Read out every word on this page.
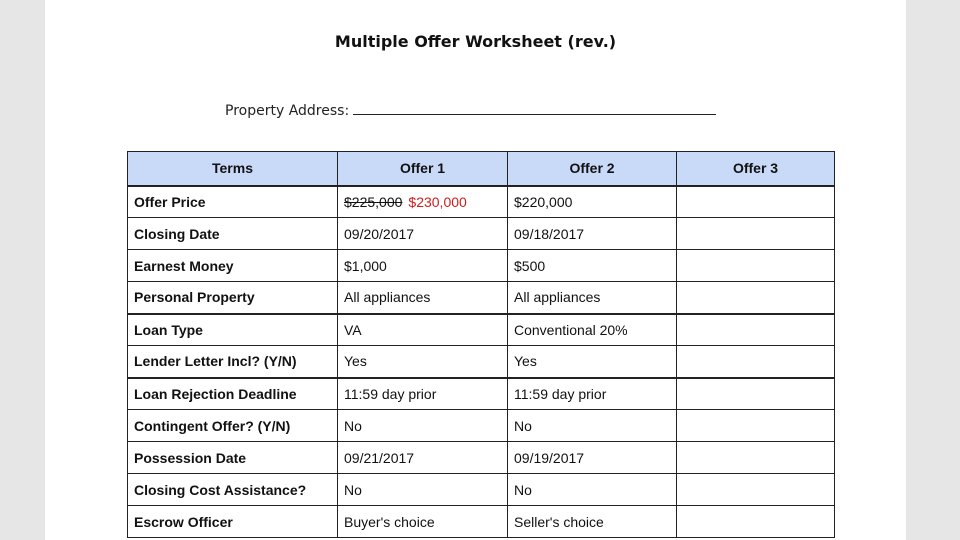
Multiple Offer Worksheet (rev.)
Property Address:
Terms	Offer 1	Offer 2	Offer 3
Offer Price	$225,000 $230,000	$220,000	
Closing Date	09/20/2017	09/18/2017	
Earnest Money	$1,000	$500	
Personal Property	All appliances	All appliances	
Loan Type	VA	Conventional 20%	
Lender Letter Incl? (Y/N)	Yes	Yes	
Loan Rejection Deadline	11:59 day prior	11:59 day prior	
Contingent Offer? (Y/N)	No	No	
Possession Date	09/21/2017	09/19/2017	
Closing Cost Assistance?	No	No	
Escrow Officer	Buyer's choice	Seller's choice	
